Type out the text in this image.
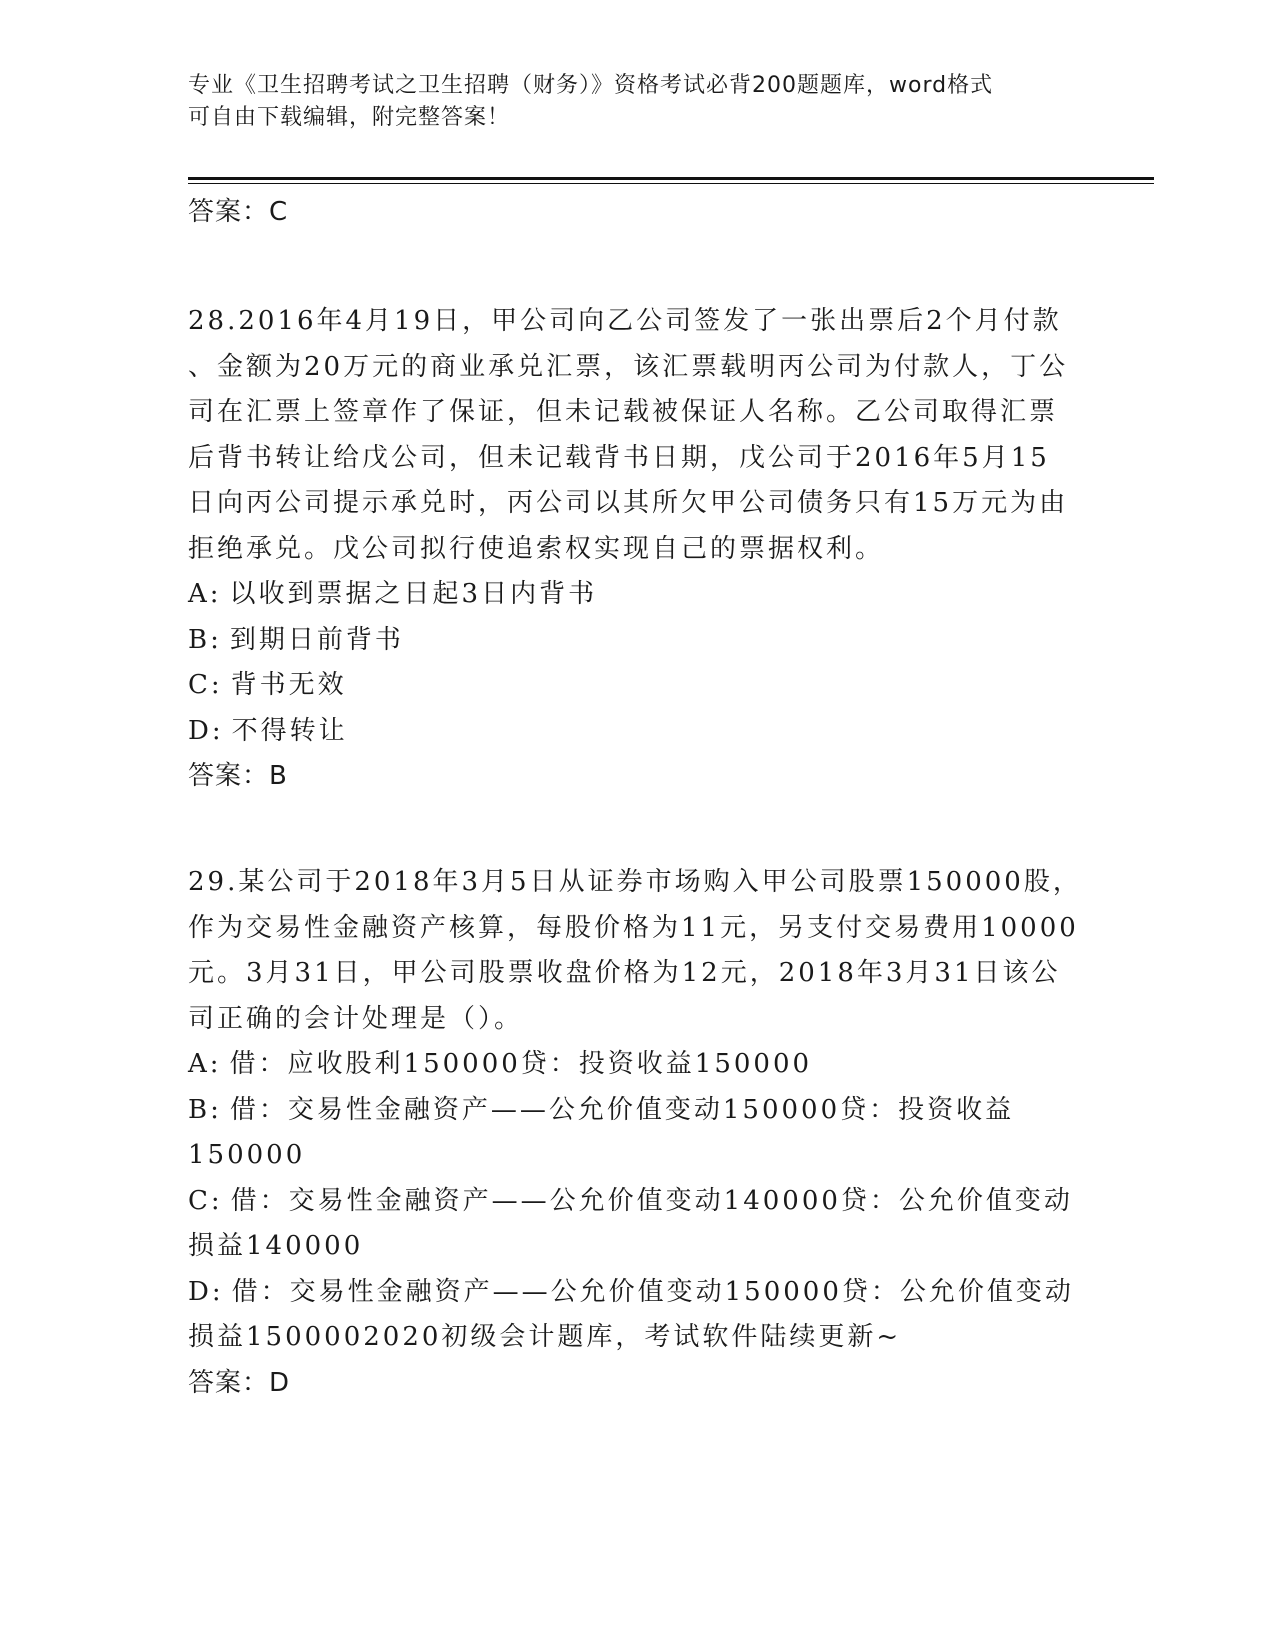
专业《卫生招聘考试之卫生招聘（财务）》资格考试必背200题题库，word格式

可自由下载编辑，附完整答案！

答案：C

28.2016年4月19日，甲公司向乙公司签发了一张出票后2个月付款
、金额为20万元的商业承兑汇票，该汇票载明丙公司为付款人，丁公
司在汇票上签章作了保证，但未记载被保证人名称。乙公司取得汇票
后背书转让给戊公司，但未记载背书日期，戊公司于2016年5月15
日向丙公司提示承兑时，丙公司以其所欠甲公司债务只有15万元为由
拒绝承兑。戊公司拟行使追索权实现自己的票据权利。

A: 以收到票据之日起3日内背书

B: 到期日前背书

C: 背书无效

D: 不得转让

答案：B

29.某公司于2018年3月5日从证券市场购入甲公司股票150000股，
作为交易性金融资产核算，每股价格为11元，另支付交易费用10000
元。3月31日，甲公司股票收盘价格为12元，2018年3月31日该公
司正确的会计处理是（）。

A: 借：应收股利150000贷：投资收益150000

B: 借：交易性金融资产——公允价值变动150000贷：投资收益

150000

C: 借：交易性金融资产——公允价值变动140000贷：公允价值变动

损益140000

D: 借：交易性金融资产——公允价值变动150000贷：公允价值变动

损益1500002020初级会计题库，考试软件陆续更新~

答案：D
